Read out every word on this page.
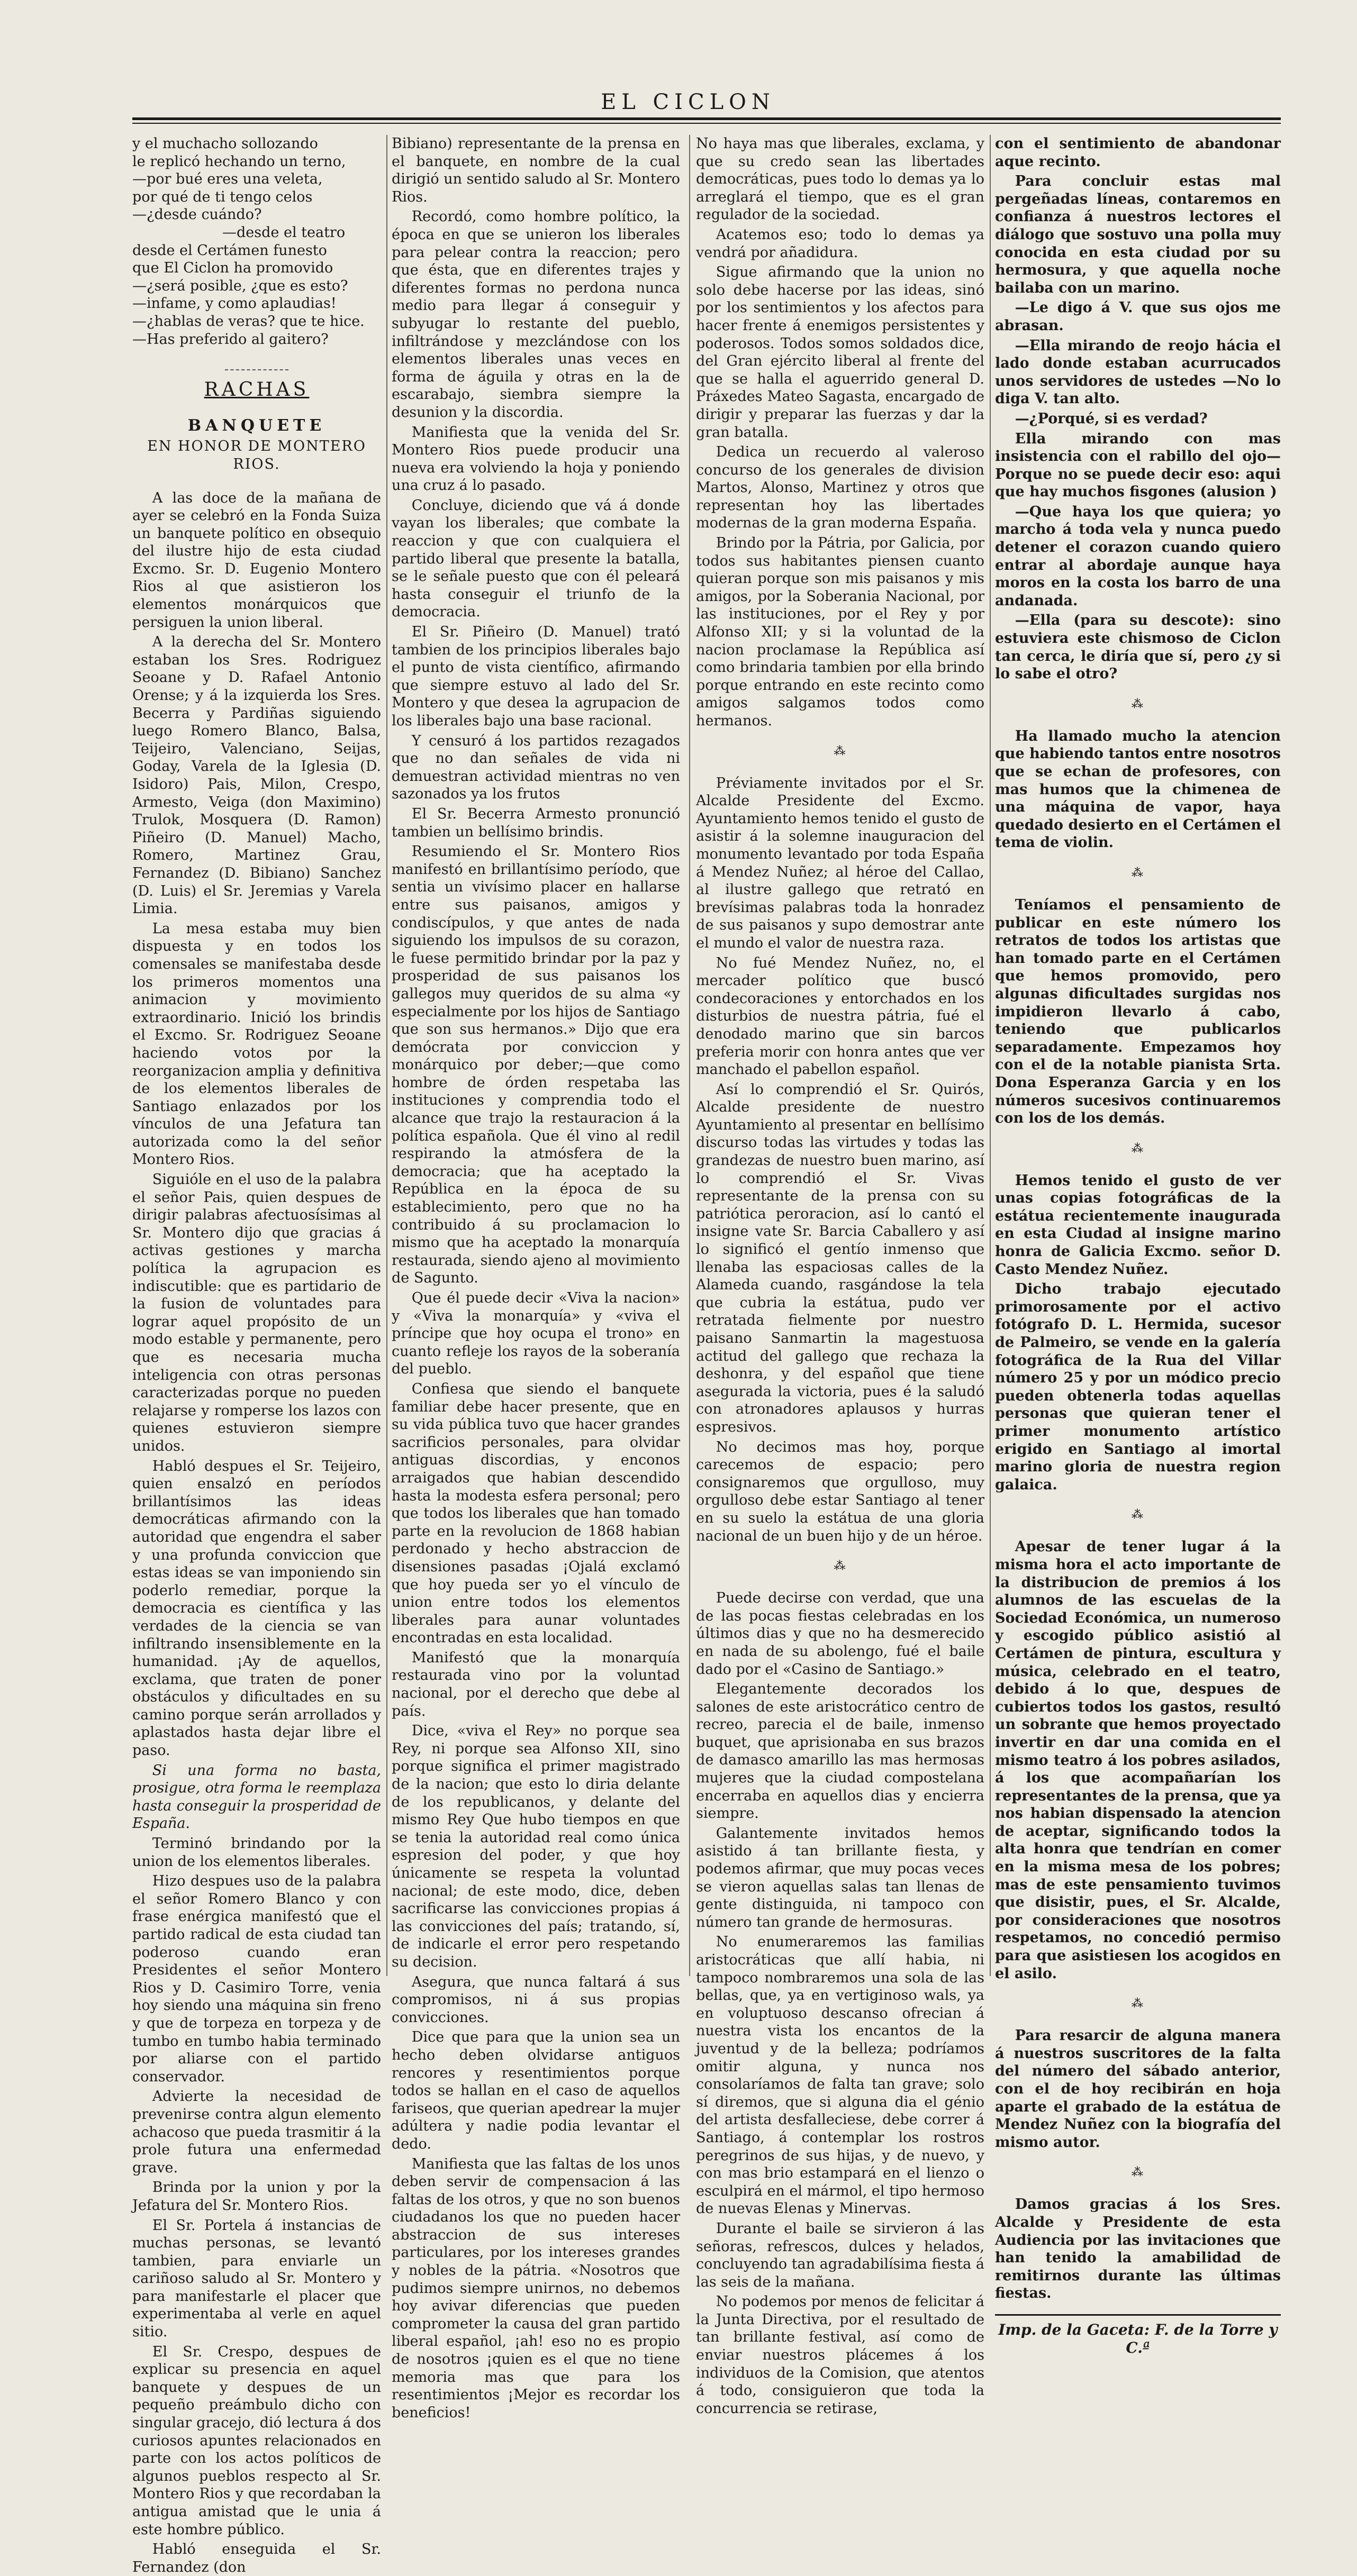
EL CICLON

y el muchacho sollozando

le replicó hechando un terno,

—por bué eres una veleta,

por qué de ti tengo celos

—¿desde cuándo?

—desde el teatro

desde el Certámen funesto

que El Ciclon ha promovido

—¿será posible, ¿que es esto?

—infame, y como aplaudias!

—¿hablas de veras? que te hice.

—Has preferido al gaitero?

RACHAS
BANQUETE
EN HONOR DE MONTERO RIOS.

A las doce de la mañana de ayer se celebró en la Fonda Suiza un banquete político en obsequio del ilustre hijo de esta ciudad Excmo. Sr. D. Eugenio Montero Rios al que asistieron los elementos monárquicos que persiguen la union liberal.

A la derecha del Sr. Montero estaban los Sres. Rodriguez Seoane y D. Rafael Antonio Orense; y á la izquierda los Sres. Becerra y Pardiñas siguiendo luego Romero Blanco, Balsa, Teijeiro, Valenciano, Seijas, Goday, Varela de la Iglesia (D. Isidoro) Pais, Milon, Crespo, Armesto, Veiga (don Maximino) Trulok, Mosquera (D. Ramon) Piñeiro (D. Manuel) Macho, Romero, Martinez Grau, Fernandez (D. Bibiano) Sanchez (D. Luis) el Sr. Jeremias y Varela Limia.

La mesa estaba muy bien dispuesta y en todos los comensales se manifestaba desde los primeros momentos una animacion y movimiento extraordinario. Inició los brindis el Excmo. Sr. Rodriguez Seoane haciendo votos por la reorganizacion amplia y definitiva de los elementos liberales de Santiago enlazados por los vínculos de una Jefatura tan autorizada como la del señor Montero Rios.

Siguióle en el uso de la palabra el señor Pais, quien despues de dirigir palabras afectuosísimas al Sr. Montero dijo que gracias á activas gestiones y marcha política la agrupacion es indiscutible: que es partidario de la fusion de voluntades para lograr aquel propósito de un modo estable y permanente, pero que es necesaria mucha inteligencia con otras personas caracterizadas porque no pueden relajarse y romperse los lazos con quienes estuvieron siempre unidos.

Habló despues el Sr. Teijeiro, quien ensalzó en períodos brillantísimos las ideas democráticas afirmando con la autoridad que engendra el saber y una profunda conviccion que estas ideas se van imponiendo sin poderlo remediar, porque la democracia es científica y las verdades de la ciencia se van infiltrando insensiblemente en la humanidad. ¡Ay de aquellos, exclama, que traten de poner obstáculos y dificultades en su camino porque serán arrollados y aplastados hasta dejar libre el paso.

Si una forma no basta, prosigue, otra forma le reemplaza hasta conseguir la prosperidad de España.

Terminó brindando por la union de los elementos liberales.

Hizo despues uso de la palabra el señor Romero Blanco y con frase enérgica manifestó que el partido radical de esta ciudad tan poderoso cuando eran Presidentes el señor Montero Rios y D. Casimiro Torre, venia hoy siendo una máquina sin freno y que de torpeza en torpeza y de tumbo en tumbo habia terminado por aliarse con el partido conservador.

Advierte la necesidad de prevenirse contra algun elemento achacoso que pueda trasmitir á la prole futura una enfermedad grave.

Brinda por la union y por la Jefatura del Sr. Montero Rios.

El Sr. Portela á instancias de muchas personas, se levantó tambien, para enviarle un cariñoso saludo al Sr. Montero y para manifestarle el placer que experimentaba al verle en aquel sitio.

El Sr. Crespo, despues de explicar su presencia en aquel banquete y despues de un pequeño preámbulo dicho con singular gracejo, dió lectura á dos curiosos apuntes relacionados en parte con los actos políticos de algunos pueblos respecto al Sr. Montero Rios y que recordaban la antigua amistad que le unia á este hombre público.

Habló enseguida el Sr. Fernandez (don

Bibiano) representante de la prensa en el banquete, en nombre de la cual dirigió un sentido saludo al Sr. Montero Rios.

Recordó, como hombre político, la época en que se unieron los liberales para pelear contra la reaccion; pero que ésta, que en diferentes trajes y diferentes formas no perdona nunca medio para llegar á conseguir y subyugar lo restante del pueblo, infiltrándose y mezclándose con los elementos liberales unas veces en forma de águila y otras en la de escarabajo, siembra siempre la desunion y la discordia.

Manifiesta que la venida del Sr. Montero Rios puede producir una nueva era volviendo la hoja y poniendo una cruz á lo pasado.

Concluye, diciendo que vá á donde vayan los liberales; que combate la reaccion y que con cualquiera el partido liberal que presente la batalla, se le señale puesto que con él peleará hasta conseguir el triunfo de la democracia.

El Sr. Piñeiro (D. Manuel) trató tambien de los principios liberales bajo el punto de vista científico, afirmando que siempre estuvo al lado del Sr. Montero y que desea la agrupacion de los liberales bajo una base racional.

Y censuró á los partidos rezagados que no dan señales de vida ni demuestran actividad mientras no ven sazonados ya los frutos

El Sr. Becerra Armesto pronunció tambien un bellísimo brindis.

Resumiendo el Sr. Montero Rios manifestó en brillantísimo período, que sentia un vivísimo placer en hallarse entre sus paisanos, amigos y condiscípulos, y que antes de nada siguiendo los impulsos de su corazon, le fuese permitido brindar por la paz y prosperidad de sus paisanos los gallegos muy queridos de su alma «y especialmente por los hijos de Santiago que son sus hermanos.» Dijo que era demócrata por conviccion y monárquico por deber;—que como hombre de órden respetaba las instituciones y comprendia todo el alcance que trajo la restauracion á la política española. Que él vino al redil respirando la atmósfera de la democracia; que ha aceptado la República en la época de su establecimiento, pero que no ha contribuido á su proclamacion lo mismo que ha aceptado la monarquía restaurada, siendo ajeno al movimiento de Sagunto.

Que él puede decir «Viva la nacion» y «Viva la monarquía» y «viva el príncipe que hoy ocupa el trono» en cuanto refleje los rayos de la soberanía del pueblo.

Confiesa que siendo el banquete familiar debe hacer presente, que en su vida pública tuvo que hacer grandes sacrificios personales, para olvidar antiguas discordias, y enconos arraigados que habian descendido hasta la modesta esfera personal; pero que todos los liberales que han tomado parte en la revolucion de 1868 habian perdonado y hecho abstraccion de disensiones pasadas ¡Ojalá exclamó que hoy pueda ser yo el vínculo de union entre todos los elementos liberales para aunar voluntades encontradas en esta localidad.

Manifestó que la monarquía restaurada vino por la voluntad nacional, por el derecho que debe al país.

Dice, «viva el Rey» no porque sea Rey, ni porque sea Alfonso XII, sino porque significa el primer magistrado de la nacion; que esto lo diria delante de los republicanos, y delante del mismo Rey Que hubo tiempos en que se tenia la autoridad real como única espresion del poder, y que hoy únicamente se respeta la voluntad nacional; de este modo, dice, deben sacrificarse las convicciones propias á las convicciones del país; tratando, sí, de indicarle el error pero respetando su decision.

Asegura, que nunca faltará á sus compromisos, ni á sus propias convicciones.

Dice que para que la union sea un hecho deben olvidarse antiguos rencores y resentimientos porque todos se hallan en el caso de aquellos fariseos, que querian apedrear la mujer adúltera y nadie podia levantar el dedo.

Manifiesta que las faltas de los unos deben servir de compensacion á las faltas de los otros, y que no son buenos ciudadanos los que no pueden hacer abstraccion de sus intereses particulares, por los intereses grandes y nobles de la pátria. «Nosotros que pudimos siempre unirnos, no debemos hoy avivar diferencias que pueden comprometer la causa del gran partido liberal español, ¡ah! eso no es propio de nosotros ¡quien es el que no tiene memoria mas que para los resentimientos ¡Mejor es recordar los beneficios!

No haya mas que liberales, exclama, y que su credo sean las libertades democráticas, pues todo lo demas ya lo arreglará el tiempo, que es el gran regulador de la sociedad.

Acatemos eso; todo lo demas ya vendrá por añadidura.

Sigue afirmando que la union no solo debe hacerse por las ideas, sinó por los sentimientos y los afectos para hacer frente á enemigos persistentes y poderosos. Todos somos soldados dice, del Gran ejército liberal al frente del que se halla el aguerrido general D. Práxedes Mateo Sagasta, encargado de dirigir y preparar las fuerzas y dar la gran batalla.

Dedica un recuerdo al valeroso concurso de los generales de division Martos, Alonso, Martinez y otros que representan hoy las libertades modernas de la gran moderna España.

Brindo por la Pátria, por Galicia, por todos sus habitantes piensen cuanto quieran porque son mis paisanos y mis amigos, por la Soberania Nacional, por las instituciones, por el Rey y por Alfonso XII; y si la voluntad de la nacion proclamase la República así como brindaria tambien por ella brindo porque entrando en este recinto como amigos salgamos todos como hermanos.

⁂

Préviamente invitados por el Sr. Alcalde Presidente del Excmo. Ayuntamiento hemos tenido el gusto de asistir á la solemne inauguracion del monumento levantado por toda España á Mendez Nuñez; al héroe del Callao, al ilustre gallego que retrató en brevísimas palabras toda la honradez de sus paisanos y supo demostrar ante el mundo el valor de nuestra raza.

No fué Mendez Nuñez, no, el mercader político que buscó condecoraciones y entorchados en los disturbios de nuestra pátria, fué el denodado marino que sin barcos preferia morir con honra antes que ver manchado el pabellon español.

Así lo comprendió el Sr. Quirós, Alcalde presidente de nuestro Ayuntamiento al presentar en bellísimo discurso todas las virtudes y todas las grandezas de nuestro buen marino, así lo comprendió el Sr. Vivas representante de la prensa con su patriótica peroracion, así lo cantó el insigne vate Sr. Barcia Caballero y así lo significó el gentío inmenso que llenaba las espaciosas calles de la Alameda cuando, rasgándose la tela que cubria la estátua, pudo ver retratada fielmente por nuestro paisano Sanmartin la magestuosa actitud del gallego que rechaza la deshonra, y del español que tiene asegurada la victoria, pues é la saludó con atronadores aplausos y hurras espresivos.

No decimos mas hoy, porque carecemos de espacio; pero consignaremos que orgulloso, muy orgulloso debe estar Santiago al tener en su suelo la estátua de una gloria nacional de un buen hijo y de un héroe.

⁂

Puede decirse con verdad, que una de las pocas fiestas celebradas en los últimos dias y que no ha desmerecido en nada de su abolengo, fué el baile dado por el «Casino de Santiago.»

Elegantemente decorados los salones de este aristocrático centro de recreo, parecia el de baile, inmenso buquet, que aprisionaba en sus brazos de damasco amarillo las mas hermosas mujeres que la ciudad compostelana encerraba en aquellos dias y encierra siempre.

Galantemente invitados hemos asistido á tan brillante fiesta, y podemos afirmar, que muy pocas veces se vieron aquellas salas tan llenas de gente distinguida, ni tampoco con número tan grande de hermosuras.

No enumeraremos las familias aristocráticas que allí habia, ni tampoco nombraremos una sola de las bellas, que, ya en vertiginoso wals, ya en voluptuoso descanso ofrecian á nuestra vista los encantos de la juventud y de la belleza; podríamos omitir alguna, y nunca nos consolaríamos de falta tan grave; solo sí diremos, que si alguna dia el génio del artista desfalleciese, debe correr á Santiago, á contemplar los rostros peregrinos de sus hijas, y de nuevo, y con mas brio estampará en el lienzo o esculpirá en el mármol, el tipo hermoso de nuevas Elenas y Minervas.

Durante el baile se sirvieron á las señoras, refrescos, dulces y helados, concluyendo tan agradabilísima fiesta á las seis de la mañana.

No podemos por menos de felicitar á la Junta Directiva, por el resultado de tan brillante festival, así como de enviar nuestros plácemes á los individuos de la Comision, que atentos á todo, consiguieron que toda la concurrencia se retirase,

con el sentimiento de abandonar aque recinto.

Para concluir estas mal pergeñadas líneas, contaremos en confianza á nuestros lectores el diálogo que sostuvo una polla muy conocida en esta ciudad por su hermosura, y que aquella noche bailaba con un marino.

—Le digo á V. que sus ojos me abrasan.

—Ella mirando de reojo hácia el lado donde estaban acurrucados unos servidores de ustedes —No lo diga V. tan alto.

—¿Porqué, si es verdad?

Ella mirando con mas insistencia con el rabillo del ojo—Porque no se puede decir eso: aqui que hay muchos fisgones (alusion )

—Que haya los que quiera; yo marcho á toda vela y nunca puedo detener el corazon cuando quiero entrar al abordaje aunque haya moros en la costa los barro de una andanada.

—Ella (para su descote): sino estuviera este chismoso de Ciclon tan cerca, le diría que sí, pero ¿y si lo sabe el otro?

⁂

Ha llamado mucho la atencion que habiendo tantos entre nosotros que se echan de profesores, con mas humos que la chimenea de una máquina de vapor, haya quedado desierto en el Certámen el tema de violin.

⁂

Teníamos el pensamiento de publicar en este número los retratos de todos los artistas que han tomado parte en el Certámen que hemos promovido, pero algunas dificultades surgidas nos impidieron llevarlo á cabo, teniendo que publicarlos separadamente. Empezamos hoy con el de la notable pianista Srta. Dona Esperanza Garcia y en los números sucesivos continuaremos con los de los demás.

⁂

Hemos tenido el gusto de ver unas copias fotográficas de la estátua recientemente inaugurada en esta Ciudad al insigne marino honra de Galicia Excmo. señor D. Casto Mendez Nuñez.

Dicho trabajo ejecutado primorosamente por el activo fotógrafo D. L. Hermida, sucesor de Palmeiro, se vende en la galería fotográfica de la Rua del Villar número 25 y por un módico precio pueden obtenerla todas aquellas personas que quieran tener el primer monumento artístico erigido en Santiago al imortal marino gloria de nuestra region galaica.

⁂

Apesar de tener lugar á la misma hora el acto importante de la distribucion de premios á los alumnos de las escuelas de la Sociedad Económica, un numeroso y escogido público asistió al Certámen de pintura, escultura y música, celebrado en el teatro, debido á lo que, despues de cubiertos todos los gastos, resultó un sobrante que hemos proyectado invertir en dar una comida en el mismo teatro á los pobres asilados, á los que acompañarían los representantes de la prensa, que ya nos habian dispensado la atencion de aceptar, significando todos la alta honra que tendrían en comer en la misma mesa de los pobres; mas de este pensamiento tuvimos que disistir, pues, el Sr. Alcalde, por consideraciones que nosotros respetamos, no concedió permiso para que asistiesen los acogidos en el asilo.

⁂

Para resarcir de alguna manera á nuestros suscritores de la falta del número del sábado anterior, con el de hoy recibirán en hoja aparte el grabado de la estátua de Mendez Nuñez con la biografía del mismo autor.

⁂

Damos gracias á los Sres. Alcalde y Presidente de esta Audiencia por las invitaciones que han tenido la amabilidad de remitirnos durante las últimas fiestas.

Imp. de la Gaceta: F. de la Torre y C.ª
